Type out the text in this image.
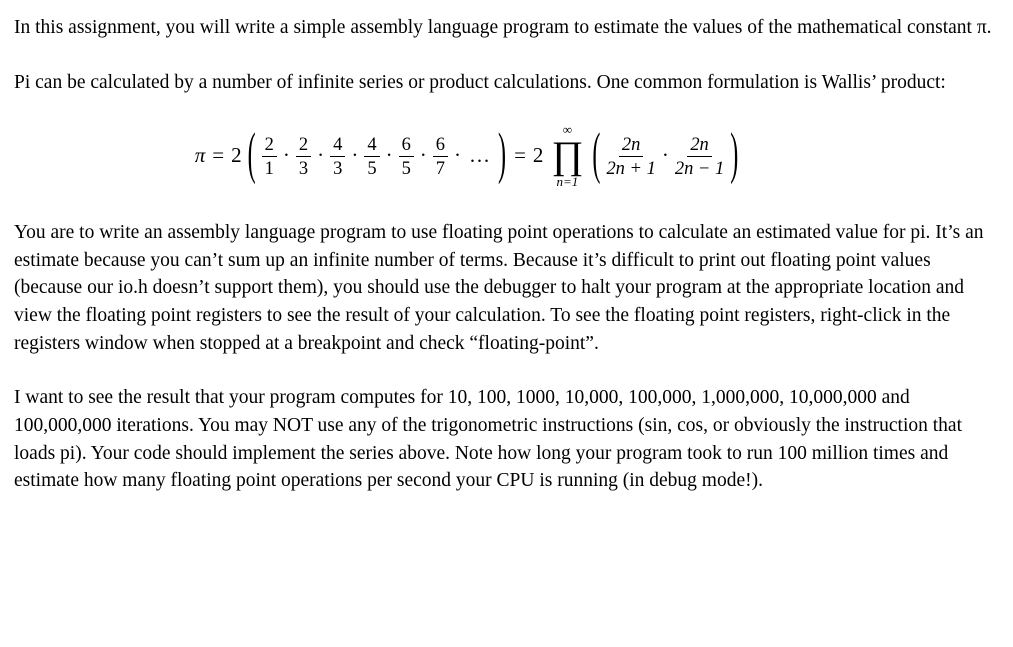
In this assignment, you will write a simple assembly language program to estimate the values of the mathematical constant π.

Pi can be calculated by a number of infinite series or product calculations. One common formulation is Wallis’ product:

π = 2 ( $\frac{2}{1} \cdot \frac{2}{3} \cdot \frac{4}{3} \cdot \frac{4}{5} \cdot \frac{6}{5} \cdot \frac{6}{7}$ · … ) = 2
∞
∏
n=1 ( $\frac{2n}{2n + 1} \cdot \frac{2n}{2n - 1}$ )

You are to write an assembly language program to use floating point operations to calculate an estimated value for pi. It’s an estimate because you can’t sum up an infinite number of terms. Because it’s difficult to print out floating point values (because our io.h doesn’t support them), you should use the debugger to halt your program at the appropriate location and view the floating point registers to see the result of your calculation. To see the floating point registers, right-click in the registers window when stopped at a breakpoint and check “floating-point”.

I want to see the result that your program computes for 10, 100, 1000, 10,000, 100,000, 1,000,000, 10,000,000 and 100,000,000 iterations. You may NOT use any of the trigonometric instructions (sin, cos, or obviously the instruction that loads pi). Your code should implement the series above. Note how long your program took to run 100 million times and estimate how many floating point operations per second your CPU is running (in debug mode!).
